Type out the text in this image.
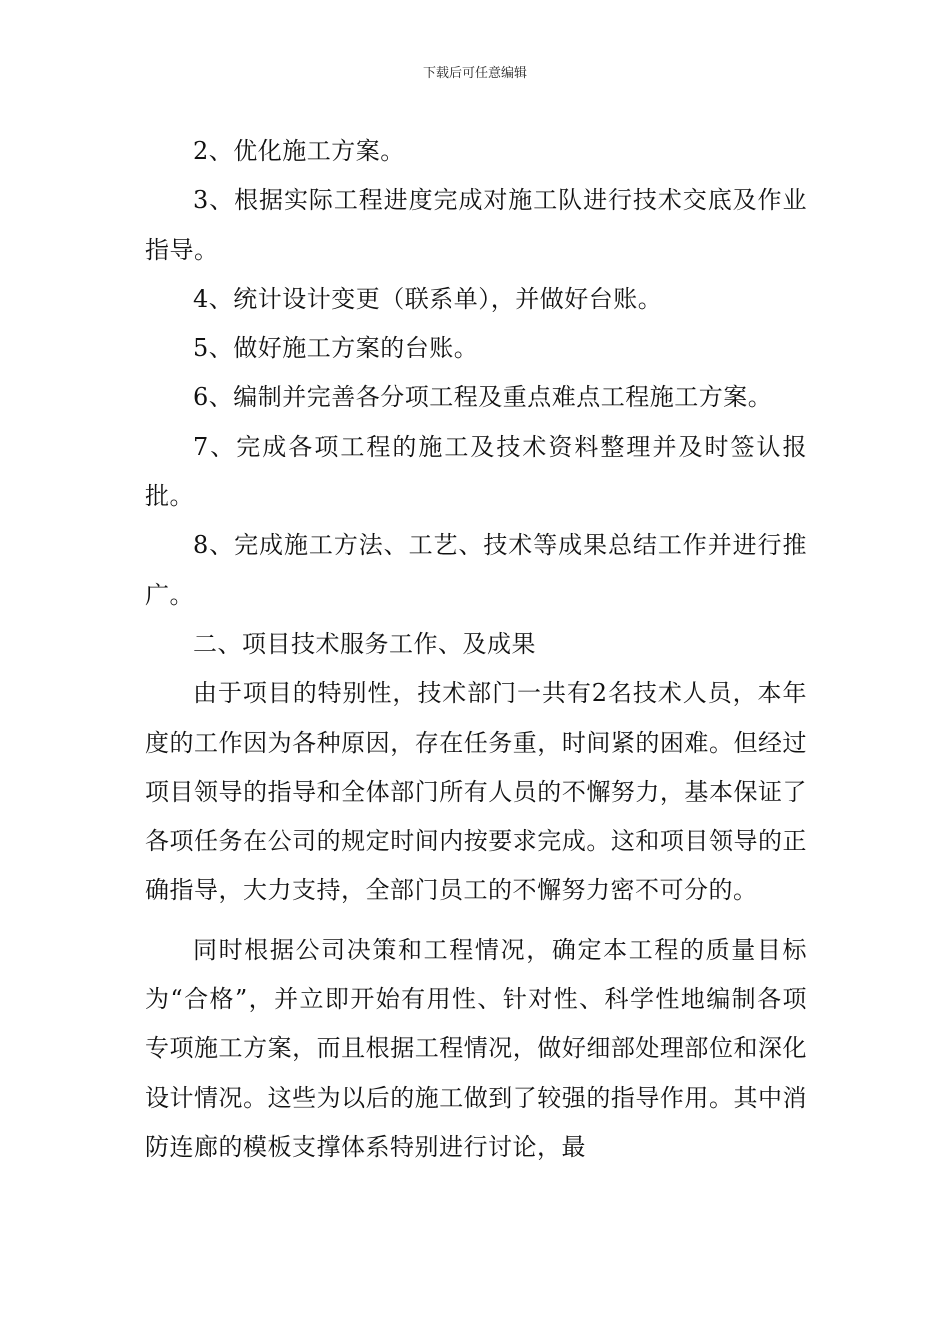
下载后可任意编辑

2、优化施工方案。

3、根据实际工程进度完成对施工队进行技术交底及作业指导。

4、统计设计变更（联系单），并做好台账。

5、做好施工方案的台账。

6、编制并完善各分项工程及重点难点工程施工方案。

7、完成各项工程的施工及技术资料整理并及时签认报批。

8、完成施工方法、工艺、技术等成果总结工作并进行推广。

二、项目技术服务工作、及成果

由于项目的特别性，技术部门一共有2名技术人员，本年度的工作因为各种原因，存在任务重，时间紧的困难。但经过项目领导的指导和全体部门所有人员的不懈努力，基本保证了各项任务在公司的规定时间内按要求完成。这和项目领导的正确指导，大力支持，全部门员工的不懈努力密不可分的。

同时根据公司决策和工程情况，确定本工程的质量目标为“合格”，并立即开始有用性、针对性、科学性地编制各项专项施工方案，而且根据工程情况，做好细部处理部位和深化设计情况。这些为以后的施工做到了较强的指导作用。其中消防连廊的模板支撑体系特别进行讨论，最
